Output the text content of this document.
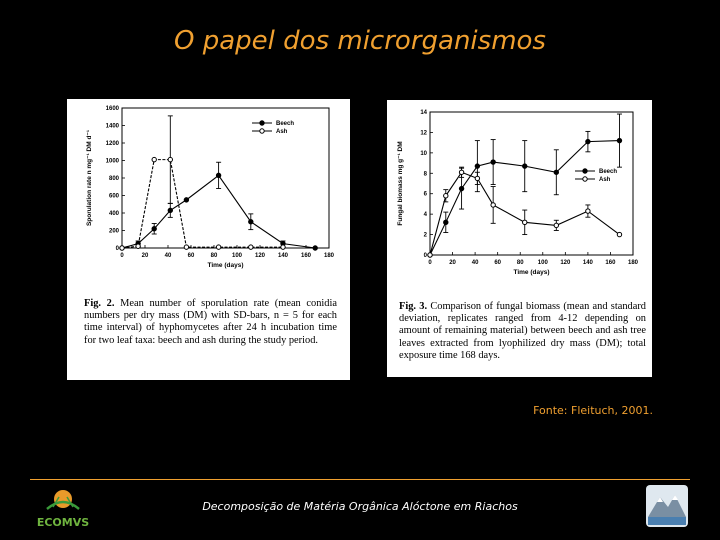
O papel dos microrganismos
0
200
400
600
800
1000
1200
1400
1600
0	20	40	60	80 100 120 140 160 180
Time (days)
Sporulation rate n mg⁻¹ DM d⁻¹
Beech
Ash
Fig. 2. Mean number of sporulation rate (mean conidia numbers per dry mass (DM) with SD-bars, n = 5 for each time interval) of hyphomycetes after 24 h incubation time for two leaf taxa: beech and ash during the study period.
0
2
4
6
8
10
12
14
0	20	40	60	80 100 120 140 160 180
Time (days)
Fungal biomass mg g⁻¹ DM	Beech
Ash
Fig. 3. Comparison of fungal biomass (mean and standard deviation, replicates ranged from 4-12 depending on amount of remaining material) between beech and ash tree leaves extracted from lyophilized dry mass (DM); total exposure time 168 days.
Fonte: Fleituch, 2001.
ECOMVS
Decomposição de Matéria Orgânica Alóctone em Riachos
